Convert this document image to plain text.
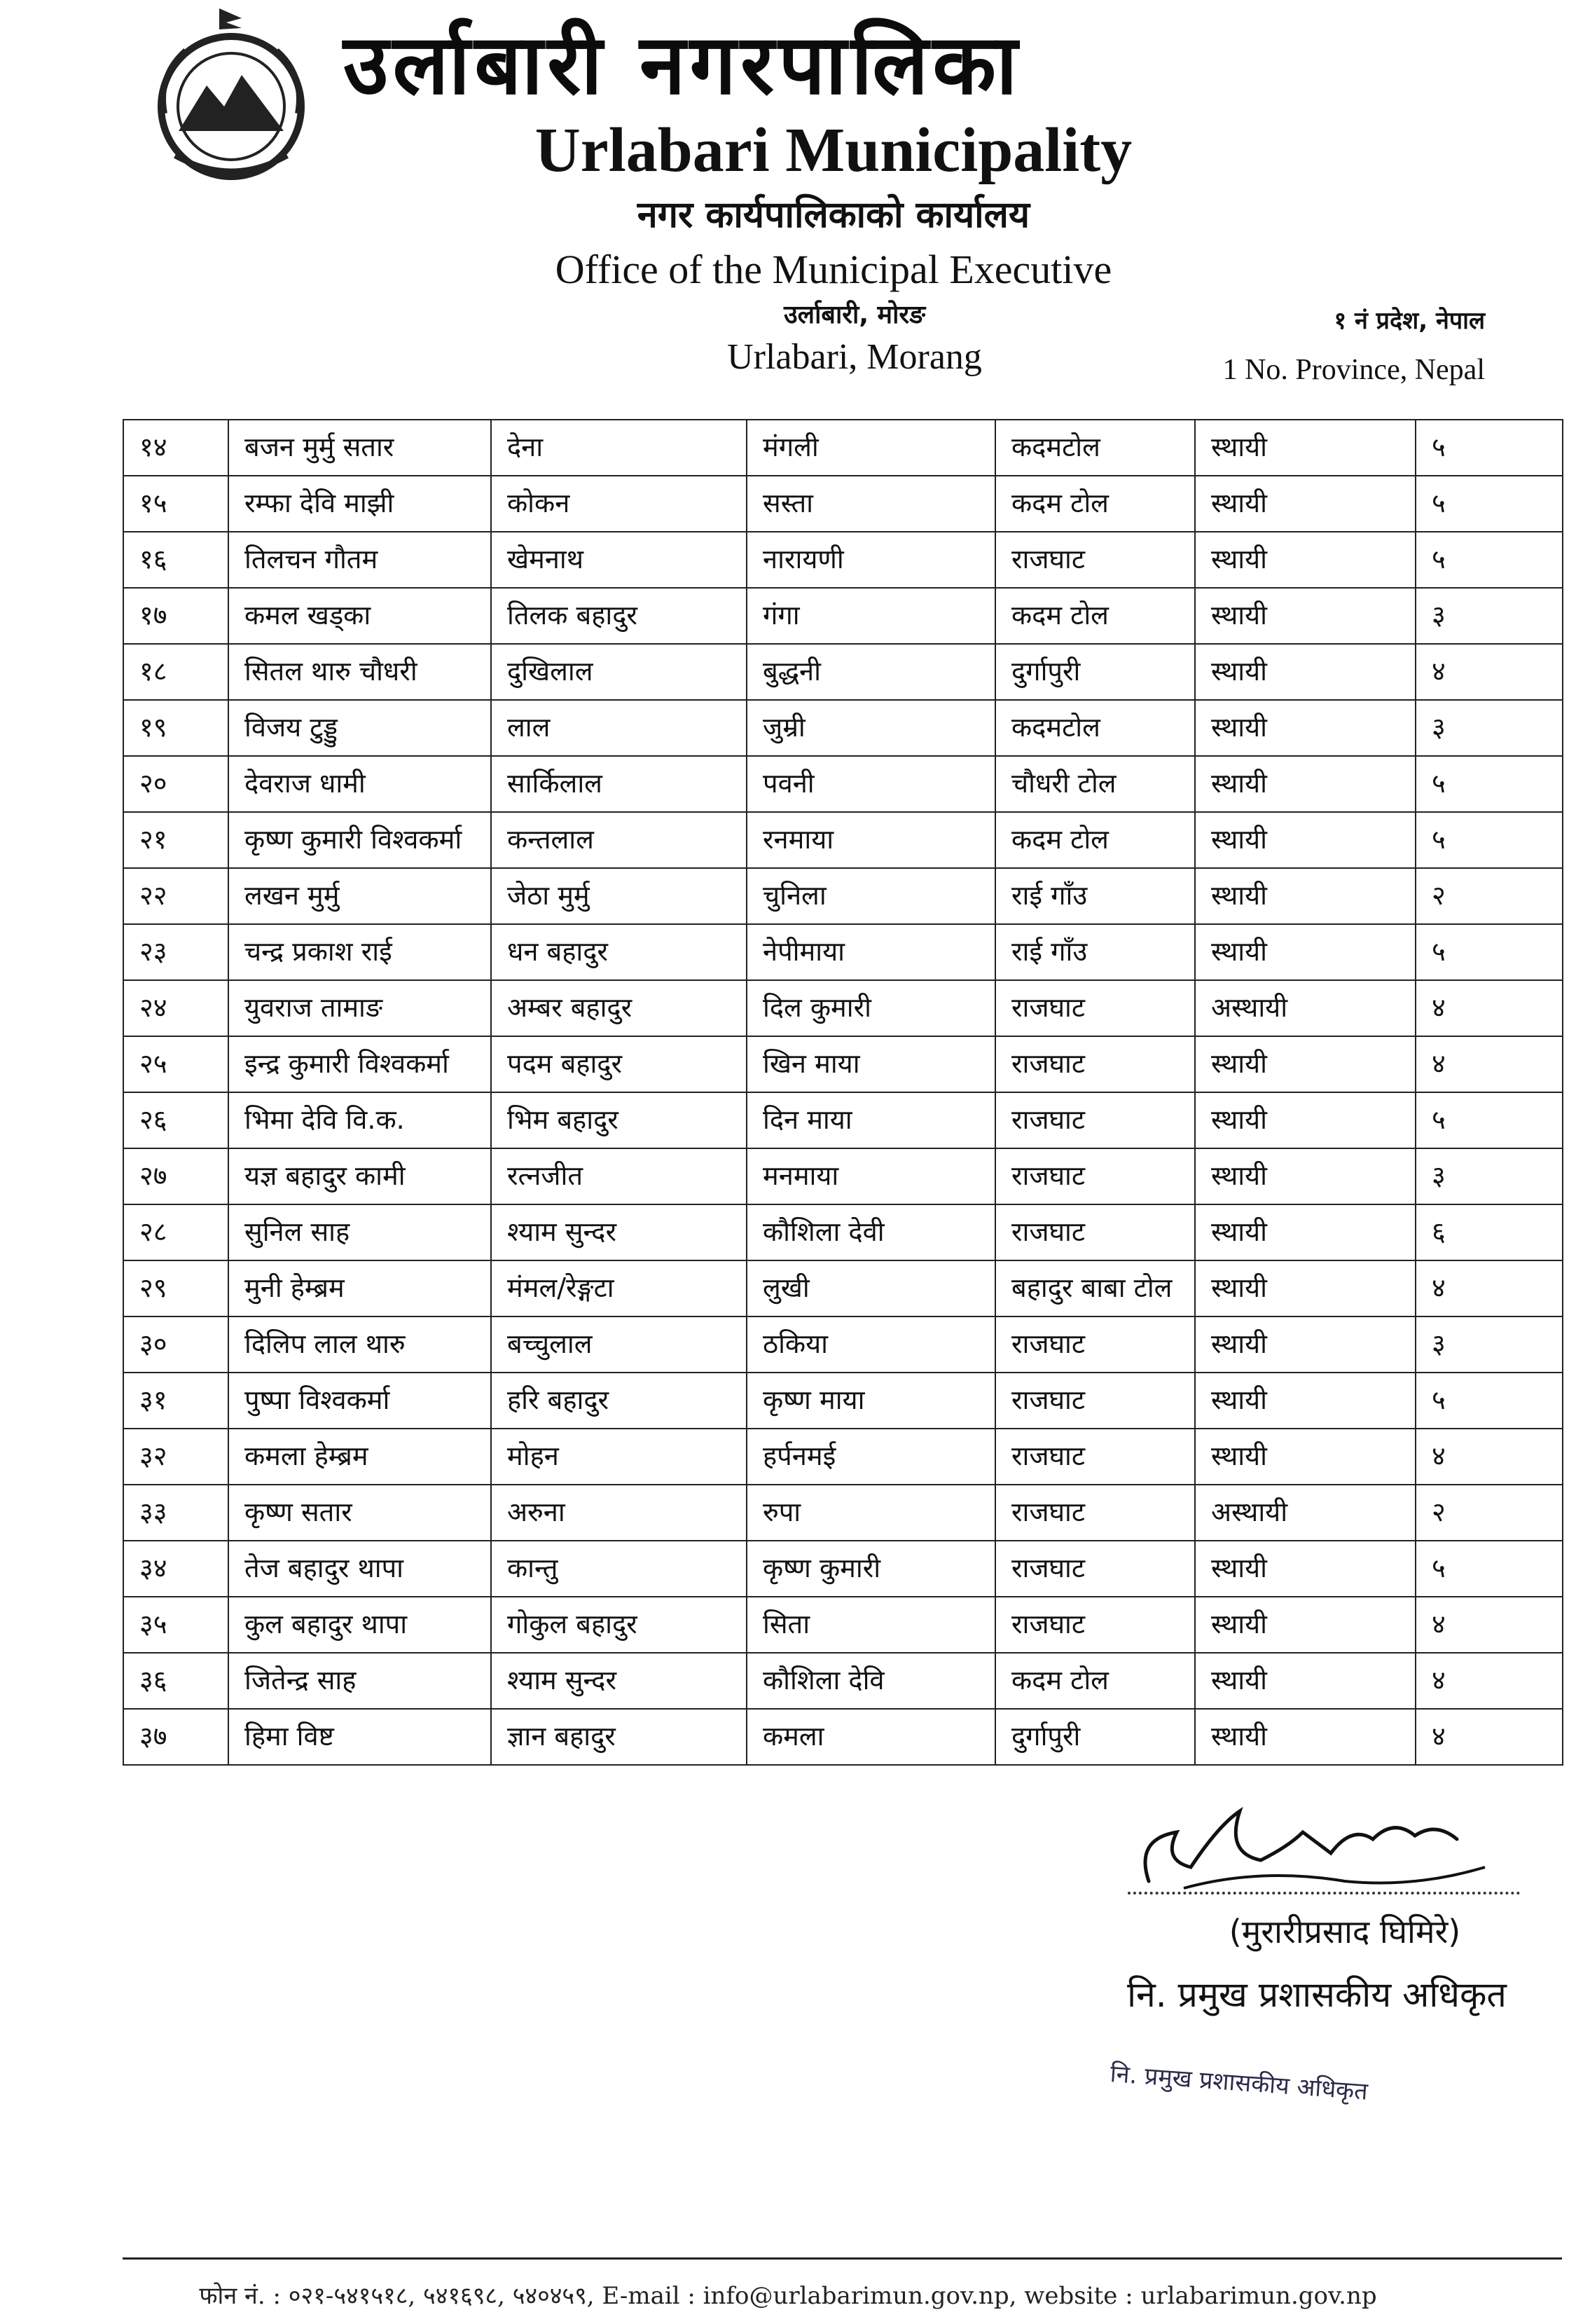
उर्लाबारी नगरपालिका
Urlabari Municipality
नगर कार्यपालिकाको कार्यालय
Office of the Municipal Executive
उर्लाबारी, मोरङ
Urlabari, Morang
१ नं प्रदेश, नेपाल
1 No. Province, Nepal
१४	बजन मुर्मु सतार	देना	मंगली	कदमटोल	स्थायी	५
१५	रम्फा देवि माझी	कोकन	सस्ता	कदम टोल	स्थायी	५
१६	तिलचन गौतम	खेमनाथ	नारायणी	राजघाट	स्थायी	५
१७	कमल खड्का	तिलक बहादुर	गंगा	कदम टोल	स्थायी	३
१८	सितल थारु चौधरी	दुखिलाल	बुद्धनी	दुर्गापुरी	स्थायी	४
१९	विजय टुड्डु	लाल	जुम्री	कदमटोल	स्थायी	३
२०	देवराज धामी	सार्किलाल	पवनी	चौधरी टोल	स्थायी	५
२१	कृष्ण कुमारी विश्वकर्मा	कन्तलाल	रनमाया	कदम टोल	स्थायी	५
२२	लखन मुर्मु	जेठा मुर्मु	चुनिला	राई गाँउ	स्थायी	२
२३	चन्द्र प्रकाश राई	धन बहादुर	नेपीमाया	राई गाँउ	स्थायी	५
२४	युवराज तामाङ	अम्बर बहादुर	दिल कुमारी	राजघाट	अस्थायी	४
२५	इन्द्र कुमारी विश्वकर्मा	पदम बहादुर	खिन माया	राजघाट	स्थायी	४
२६	भिमा देवि वि.क.	भिम बहादुर	दिन माया	राजघाट	स्थायी	५
२७	यज्ञ बहादुर कामी	रत्नजीत	मनमाया	राजघाट	स्थायी	३
२८	सुनिल साह	श्याम सुन्दर	कौशिला देवी	राजघाट	स्थायी	६
२९	मुनी हेम्ब्रम	मंमल/रेङ्गटा	लुखी	बहादुर बाबा टोल	स्थायी	४
३०	दिलिप लाल थारु	बच्चुलाल	ठकिया	राजघाट	स्थायी	३
३१	पुष्पा विश्वकर्मा	हरि बहादुर	कृष्ण माया	राजघाट	स्थायी	५
३२	कमला हेम्ब्रम	मोहन	हर्पनमई	राजघाट	स्थायी	४
३३	कृष्ण सतार	अरुना	रुपा	राजघाट	अस्थायी	२
३४	तेज बहादुर थापा	कान्तु	कृष्ण कुमारी	राजघाट	स्थायी	५
३५	कुल बहादुर थापा	गोकुल बहादुर	सिता	राजघाट	स्थायी	४
३६	जितेन्द्र साह	श्याम सुन्दर	कौशिला देवि	कदम टोल	स्थायी	४
३७	हिमा विष्ट	ज्ञान बहादुर	कमला	दुर्गापुरी	स्थायी	४
(मुरारीप्रसाद घिमिरे)
नि. प्रमुख प्रशासकीय अधिकृत
नि. प्रमुख प्रशासकीय अधिकृत
फोन नं. : ०२१-५४१५१८, ५४१६९८, ५४०४५९, E-mail : info@urlabarimun.gov.np, website : urlabarimun.gov.np
